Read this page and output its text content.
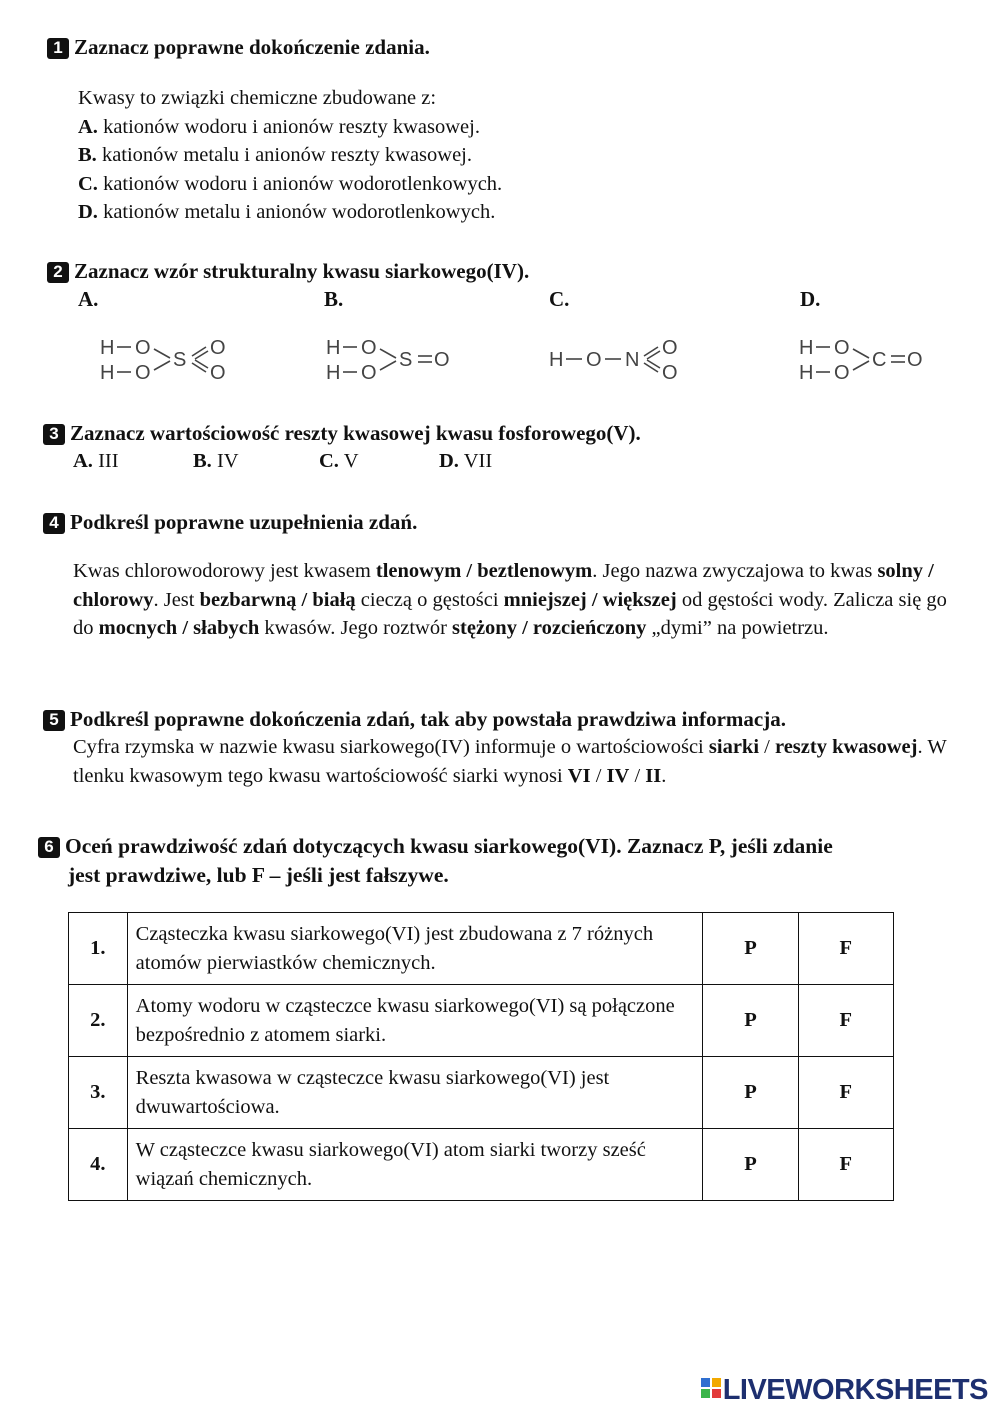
1 Zaznacz poprawne dokończenie zdania.
Kwasy to związki chemiczne zbudowane z:
A. kationów wodoru i anionów reszty kwasowej.
B. kationów metalu i anionów reszty kwasowej.
C. kationów wodoru i anionów wodorotlenkowych.
D. kationów metalu i anionów wodorotlenkowych.
2 Zaznacz wzór strukturalny kwasu siarkowego(IV).
A.	B.	C.	D.
H O
H O
S
O
O
H O
H O
S O	H O N
O
O
H O
H O
C O
3 Zaznacz wartościowość reszty kwasowej kwasu fosforowego(V).
A. III	B. IV	C. V	D. VII
4 Podkreśl poprawne uzupełnienia zdań.
Kwas chlorowodorowy jest kwasem tlenowym / beztlenowym. Jego nazwa zwyczajowa to kwas solny / chlorowy. Jest bezbarwną / białą cieczą o gęstości mniejszej / większej od gęstości wody. Zalicza się go do mocnych / słabych kwasów. Jego roztwór stężony / rozcieńczony „dymi” na powietrzu.
5 Podkreśl poprawne dokończenia zdań, tak aby powstała prawdziwa informacja.
Cyfra rzymska w nazwie kwasu siarkowego(IV) informuje o wartościowości siarki / reszty kwasowej. W tlenku kwasowym tego kwasu wartościowość siarki wynosi VI / IV / II.
6 Oceń prawdziwość zdań dotyczących kwasu siarkowego(VI). Zaznacz P, jeśli zdanie
jest prawdziwe, lub F – jeśli jest fałszywe.
1.	Cząsteczka kwasu siarkowego(VI) jest zbudowana z 7 różnych atomów pierwiastków chemicznych.	P	F
2.	Atomy wodoru w cząsteczce kwasu siarkowego(VI) są połączone bezpośrednio z atomem siarki.	P	F
3.	Reszta kwasowa w cząsteczce kwasu siarkowego(VI) jest dwuwartościowa.	P	F
4.	W cząsteczce kwasu siarkowego(VI) atom siarki tworzy sześć wiązań chemicznych.	P	F
LIVEWORKSHEETS
